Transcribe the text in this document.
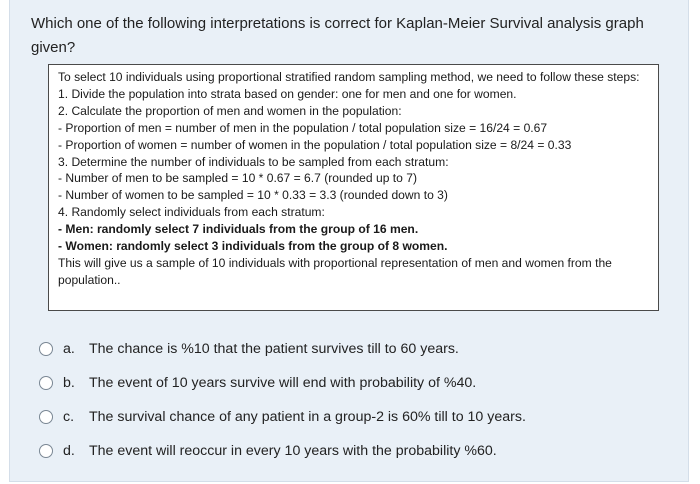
Which one of the following interpretations is correct for Kaplan-Meier Survival analysis graph given?
To select 10 individuals using proportional stratified random sampling method, we need to follow these steps:
1. Divide the population into strata based on gender: one for men and one for women.
2. Calculate the proportion of men and women in the population:
- Proportion of men = number of men in the population / total population size = 16/24 = 0.67
- Proportion of women = number of women in the population / total population size = 8/24 = 0.33
3. Determine the number of individuals to be sampled from each stratum:
- Number of men to be sampled = 10 * 0.67 = 6.7 (rounded up to 7)
- Number of women to be sampled = 10 * 0.33 = 3.3 (rounded down to 3)
4. Randomly select individuals from each stratum:
- Men: randomly select 7 individuals from the group of 16 men.
- Women: randomly select 3 individuals from the group of 8 women.
This will give us a sample of 10 individuals with proportional representation of men and women from the population..
a. The chance is %10 that the patient survives till to 60 years.
b. The event of 10 years survive will end with probability of %40.
c.	The survival chance of any patient in a group-2 is 60% till to 10 years.
d. The event will reoccur in every 10 years with the probability %60.
